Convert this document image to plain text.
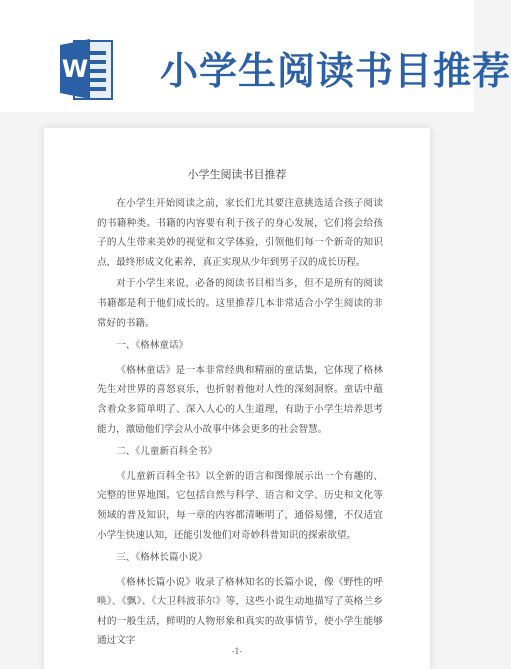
W 小学生阅读书目推荐
小学生阅读书目推荐

在小学生开始阅读之前，家长们尤其要注意挑选适合孩子阅读的书籍种类。书籍的内容要有利于孩子的身心发展，它们将会给孩子的人生带来美妙的视觉和文学体验，引领他们每一个新奇的知识点，最终形成文化素养，真正实现从少年到男子汉的成长历程。

对于小学生来说，必备的阅读书目相当多，但不是所有的阅读书籍都是利于他们成长的。这里推荐几本非常适合小学生阅读的非常好的书籍。

一、《格林童话》

《格林童话》是一本非常经典和精丽的童话集，它体现了格林先生对世界的喜怒哀乐，也折射着他对人性的深刻洞察。童话中蕴含着众多简单明了、深入人心的人生道理，有助于小学生培养思考能力，激励他们学会从小故事中体会更多的社会智慧。

二、《儿童新百科全书》

《儿童新百科全书》以全新的语言和图像展示出一个有趣的、完整的世界地图。它包括自然与科学、语言和文学、历史和文化等领域的普及知识，每一章的内容都清晰明了，通俗易懂，不仅适宜小学生快速认知，还能引发他们对奇妙科普知识的探索欲望。

三、《格林长篇小说》

《格林长篇小说》收录了格林知名的长篇小说，像《野性的呼唤》、《飘》、《大卫科波菲尔》等，这些小说生动地描写了英格兰乡村的一般生活，鲜明的人物形象和真实的故事情节，使小学生能够通过文字

-1-
